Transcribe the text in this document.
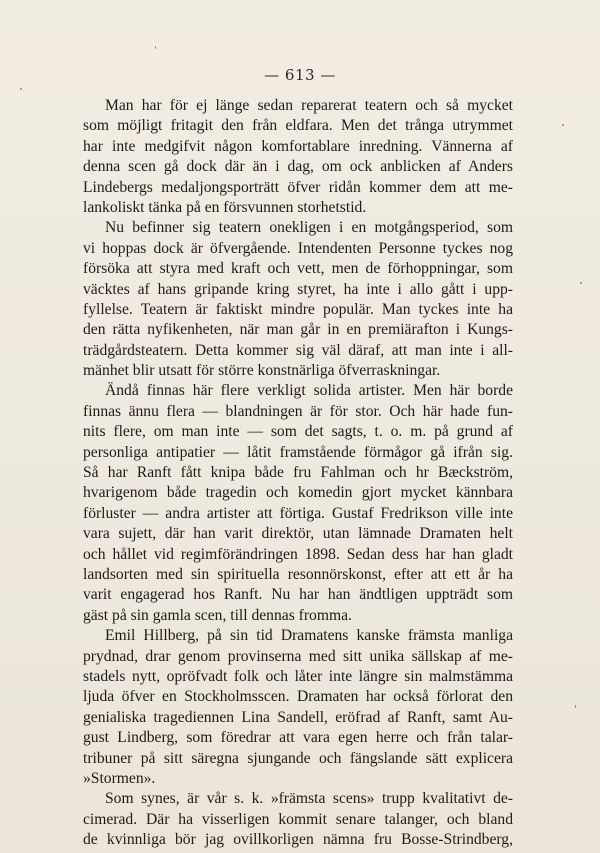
— 613 —
Man har för ej länge sedan reparerat teatern och så mycket
som möjligt fritagit den från eldfara. Men det trånga utrymmet
har inte medgifvit någon komfortablare inredning. Vännerna af
denna scen gå dock där än i dag, om ock anblicken af Anders
Lindebergs medaljongsporträtt öfver ridån kommer dem att me-
lankoliskt tänka på en försvunnen storhetstid.
Nu befinner sig teatern onekligen i en motgångsperiod, som
vi hoppas dock är öfvergående. Intendenten Personne tyckes nog
försöka att styra med kraft och vett, men de förhoppningar, som
väcktes af hans gripande kring styret, ha inte i allo gått i upp-
fyllelse. Teatern är faktiskt mindre populär. Man tyckes inte ha
den rätta nyfikenheten, när man går in en premiärafton i Kungs-
trädgårdsteatern. Detta kommer sig väl däraf, att man inte i all-
mänhet blir utsatt för större konstnärliga öfverraskningar.
Ändå finnas här flere verkligt solida artister. Men här borde
finnas ännu flera — blandningen är för stor. Och här hade fun-
nits flere, om man inte — som det sagts, t. o. m. på grund af
personliga antipatier — låtit framstående förmågor gå ifrån sig.
Så har Ranft fått knipa både fru Fahlman och hr Bæckström,
hvarigenom både tragedin och komedin gjort mycket kännbara
förluster — andra artister att förtiga. Gustaf Fredrikson ville inte
vara sujett, där han varit direktör, utan lämnade Dramaten helt
och hållet vid regimförändringen 1898. Sedan dess har han gladt
landsorten med sin spirituella resonnörskonst, efter att ett år ha
varit engagerad hos Ranft. Nu har han ändtligen uppträdt som
gäst på sin gamla scen, till dennas fromma.
Emil Hillberg, på sin tid Dramatens kanske främsta manliga
prydnad, drar genom provinserna med sitt unika sällskap af me-
stadels nytt, opröfvadt folk och låter inte längre sin malmstämma
ljuda öfver en Stockholmsscen. Dramaten har också förlorat den
genialiska tragediennen Lina Sandell, eröfrad af Ranft, samt Au-
gust Lindberg, som föredrar att vara egen herre och från talar-
tribuner på sitt säregna sjungande och fängslande sätt explicera
»Stormen».
Som synes, är vår s. k. »främsta scens» trupp kvalitativt de-
cimerad. Där ha visserligen kommit senare talanger, och bland
de kvinnliga bör jag ovillkorligen nämna fru Bosse-Strindberg,
